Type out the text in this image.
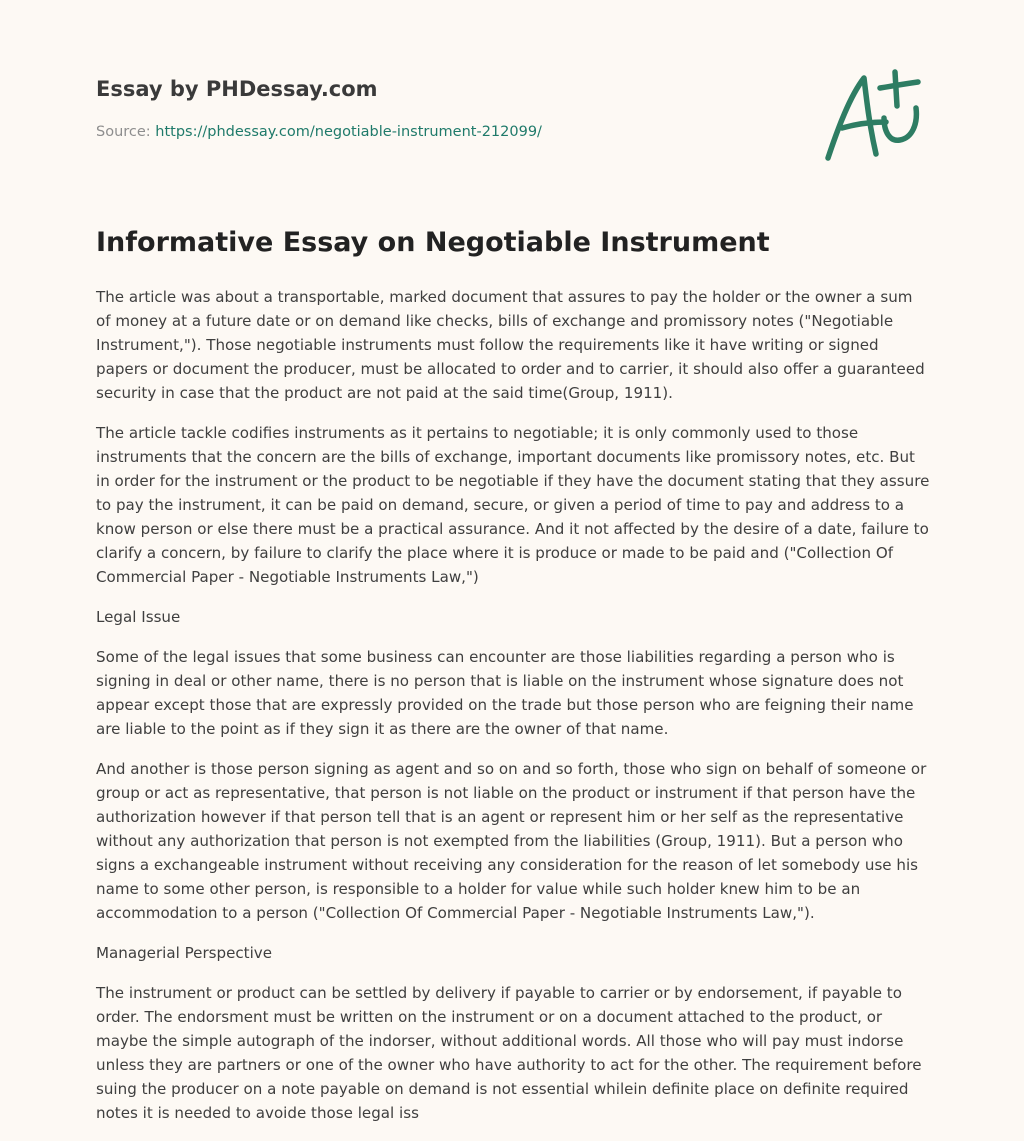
Essay by PHDessay.com
Source: https://phdessay.com/negotiable-instrument-212099/
Informative Essay on Negotiable Instrument

The article was about a transportable, marked document that assures to pay the holder or the owner a sum of money at a future date or on demand like checks, bills of exchange and promissory notes ("Negotiable Instrument,"). Those negotiable instruments must follow the requirements like it have writing or signed papers or document the producer, must be allocated to order and to carrier, it should also offer a guaranteed security in case that the product are not paid at the said time(Group, 1911).

The article tackle codifies instruments as it pertains to negotiable; it is only commonly used to those instruments that the concern are the bills of exchange, important documents like promissory notes, etc. But in order for the instrument or the product to be negotiable if they have the document stating that they assure to pay the instrument, it can be paid on demand, secure, or given a period of time to pay and address to a know person or else there must be a practical assurance. And it not affected by the desire of a date, failure to clarify a concern, by failure to clarify the place where it is produce or made to be paid and ("Collection Of Commercial Paper - Negotiable Instruments Law,")

Legal Issue

Some of the legal issues that some business can encounter are those liabilities regarding a person who is signing in deal or other name, there is no person that is liable on the instrument whose signature does not appear except those that are expressly provided on the trade but those person who are feigning their name are liable to the point as if they sign it as there are the owner of that name.

And another is those person signing as agent and so on and so forth, those who sign on behalf of someone or group or act as representative, that person is not liable on the product or instrument if that person have the authorization however if that person tell that is an agent or represent him or her self as the representative without any authorization that person is not exempted from the liabilities (Group, 1911). But a person who signs a exchangeable instrument without receiving any consideration for the reason of let somebody use his name to some other person, is responsible to a holder for value while such holder knew him to be an accommodation to a person ("Collection Of Commercial Paper - Negotiable Instruments Law,").

Managerial Perspective

The instrument or product can be settled by delivery if payable to carrier or by endorsement, if payable to order. The endorsment must be written on the instrument or on a document attached to the product, or maybe the simple autograph of the indorser, without additional words. All those who will pay must indorse unless they are partners or one of the owner who have authority to act for the other. The requirement before suing the producer on a note payable on demand is not essential whilein definite place on definite required notes it is needed to avoide those legal iss
